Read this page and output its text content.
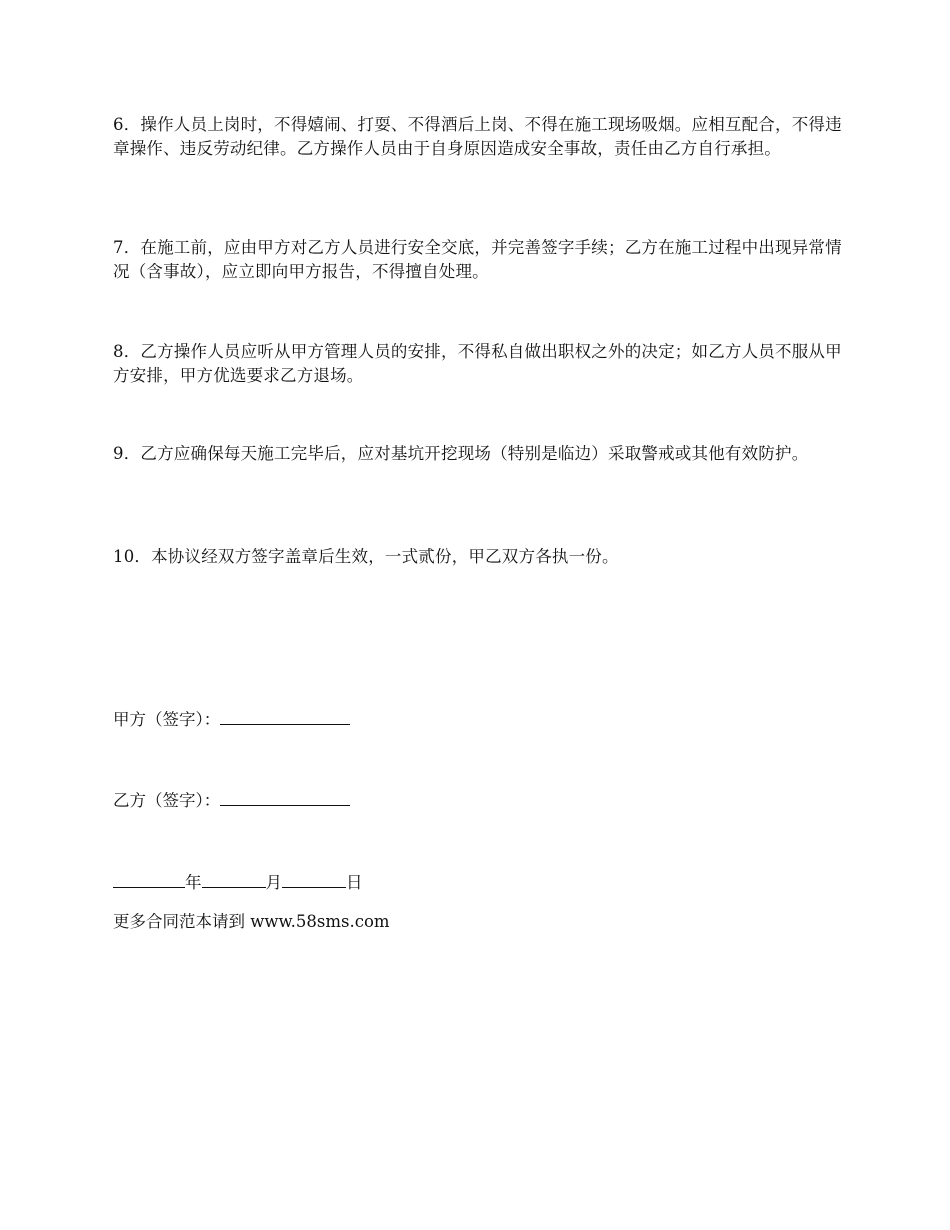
6．操作人员上岗时，不得嬉闹、打耍、不得酒后上岗、不得在施工现场吸烟。应相互配合，不得违章操作、违反劳动纪律。乙方操作人员由于自身原因造成安全事故，责任由乙方自行承担。

7．在施工前，应由甲方对乙方人员进行安全交底，并完善签字手续；乙方在施工过程中出现异常情况（含事故），应立即向甲方报告，不得擅自处理。

8．乙方操作人员应听从甲方管理人员的安排，不得私自做出职权之外的决定；如乙方人员不服从甲方安排，甲方优选要求乙方退场。

9．乙方应确保每天施工完毕后，应对基坑开挖现场（特别是临边）采取警戒或其他有效防护。

10．本协议经双方签字盖章后生效，一式贰份，甲乙双方各执一份。

甲方（签字）：

乙方（签字）：

年	月	日

更多合同范本请到 www.58sms.com
